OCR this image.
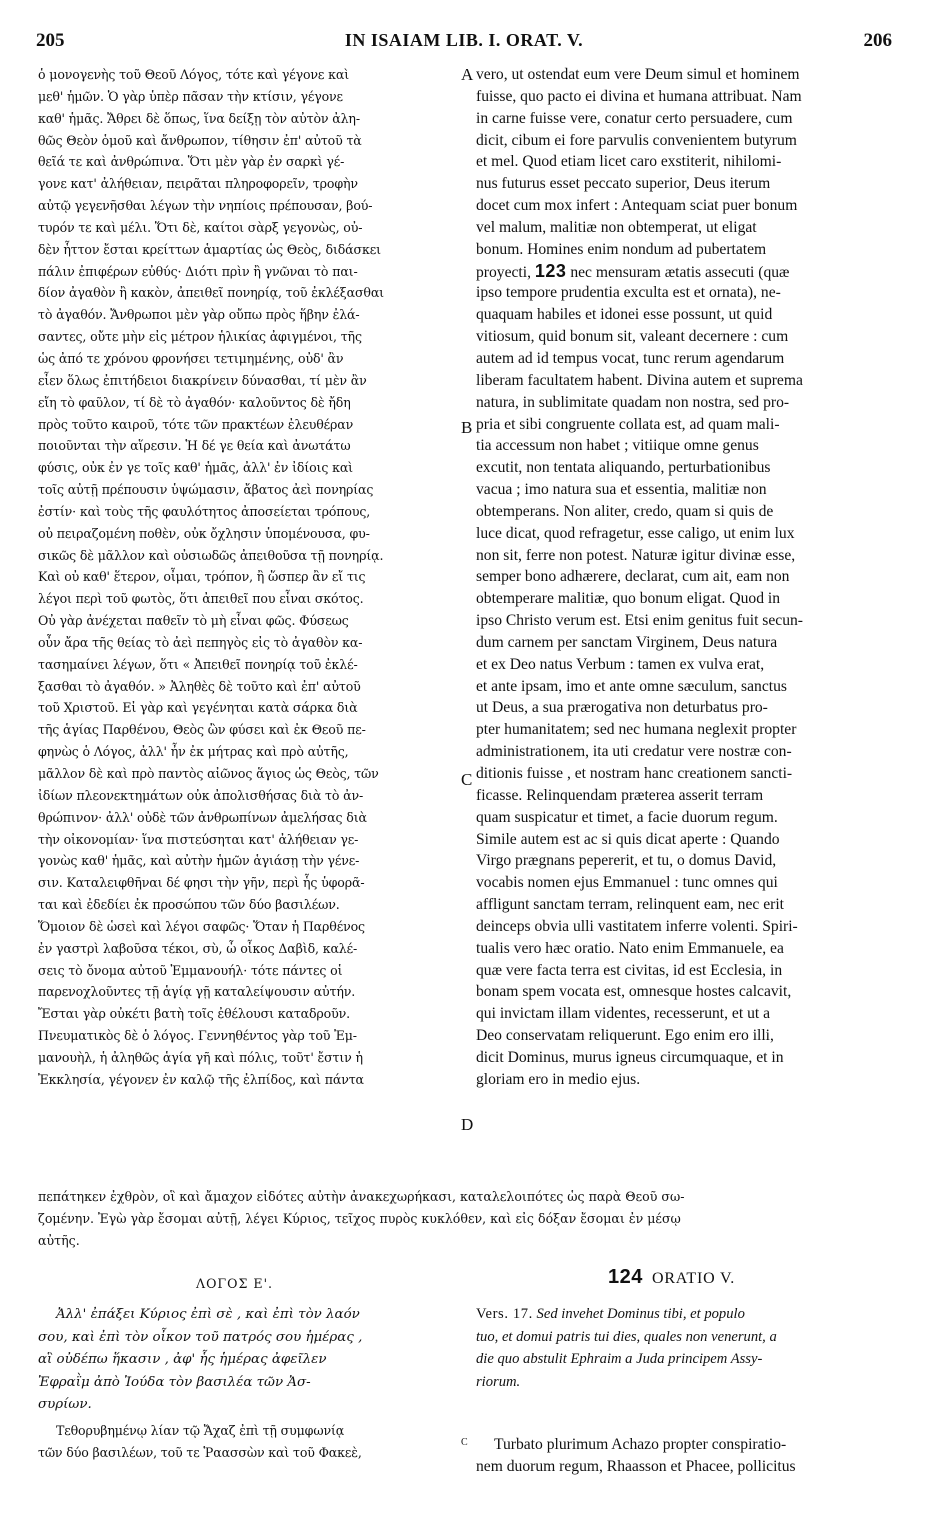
205	IN ISAIAM LIB. I. ORAT. V.	206
A
B
C
D
ὁ μονογενὴς τοῦ Θεοῦ Λόγος, τότε καὶ γέγονε καὶ
μεθ' ἡμῶν. Ὁ γὰρ ὑπὲρ πᾶσαν τὴν κτίσιν, γέγονε
καθ' ἡμᾶς. Ἄθρει δὲ ὅπως, ἵνα δείξῃ τὸν αὐτὸν ἀλη-
θῶς Θεὸν ὁμοῦ καὶ ἄνθρωπον, τίθησιν ἐπ' αὐτοῦ τὰ
θεῖά τε καὶ ἀνθρώπινα. Ὅτι μὲν γὰρ ἐν σαρκὶ γέ-
γονε κατ' ἀλήθειαν, πειρᾶται πληροφορεῖν, τροφὴν
αὐτῷ γεγενῆσθαι λέγων τὴν νηπίοις πρέπουσαν, βού-
τυρόν τε καὶ μέλι. Ὅτι δὲ, καίτοι σὰρξ γεγονὼς, οὐ-
δὲν ἧττον ἔσται κρείττων ἁμαρτίας ὡς Θεὸς, διδάσκει
πάλιν ἐπιφέρων εὐθύς· Διότι πρὶν ἢ γνῶναι τὸ παι-
δίον ἀγαθὸν ἢ κακὸν, ἀπειθεῖ πονηρίᾳ, τοῦ ἐκλέξασθαι
τὸ ἀγαθόν. Ἄνθρωποι μὲν γὰρ οὔπω πρὸς ἥβην ἐλά-
σαντες, οὔτε μὴν εἰς μέτρον ἡλικίας ἀφιγμένοι, τῆς
ὡς ἀπό τε χρόνου φρονήσει τετιμημένης, οὐδ' ἂν
εἶεν ὅλως ἐπιτήδειοι διακρίνειν δύνασθαι, τί μὲν ἂν
εἴη τὸ φαῦλον, τί δὲ τὸ ἀγαθόν· καλοῦντος δὲ ἤδη
πρὸς τοῦτο καιροῦ, τότε τῶν πρακτέων ἐλευθέραν
ποιοῦνται τὴν αἵρεσιν. Ἡ δέ γε θεία καὶ ἀνωτάτω
φύσις, οὐκ ἐν γε τοῖς καθ' ἡμᾶς, ἀλλ' ἐν ἰδίοις καὶ
τοῖς αὐτῇ πρέπουσιν ὑψώμασιν, ἄβατος ἀεὶ πονηρίας
ἐστίν· καὶ τοὺς τῆς φαυλότητος ἀποσείεται τρόπους,
οὐ πειραζομένη ποθὲν, οὐκ ὄχλησιν ὑπομένουσα, φυ-
σικῶς δὲ μᾶλλον καὶ οὐσιωδῶς ἀπειθοῦσα τῇ πονηρίᾳ.
Καὶ οὐ καθ' ἕτερον, οἶμαι, τρόπον, ἢ ὥσπερ ἂν εἴ τις
λέγοι περὶ τοῦ φωτὸς, ὅτι ἀπειθεῖ που εἶναι σκότος.
Οὐ γὰρ ἀνέχεται παθεῖν τὸ μὴ εἶναι φῶς. Φύσεως
οὖν ἄρα τῆς θείας τὸ ἀεὶ πεπηγὸς εἰς τὸ ἀγαθὸν κα-
τασημαίνει λέγων, ὅτι « Ἀπειθεῖ πονηρίᾳ τοῦ ἐκλέ-
ξασθαι τὸ ἀγαθόν. » Ἀληθὲς δὲ τοῦτο καὶ ἐπ' αὐτοῦ
τοῦ Χριστοῦ. Εἰ γὰρ καὶ γεγένηται κατὰ σάρκα διὰ
τῆς ἁγίας Παρθένου, Θεὸς ὢν φύσει καὶ ἐκ Θεοῦ πε-
φηνὼς ὁ Λόγος, ἀλλ' ἦν ἐκ μήτρας καὶ πρὸ αὐτῆς,
μᾶλλον δὲ καὶ πρὸ παντὸς αἰῶνος ἅγιος ὡς Θεὸς, τῶν
ἰδίων πλεονεκτημάτων οὐκ ἀπολισθήσας διὰ τὸ ἀν-
θρώπινον· ἀλλ' οὐδὲ τῶν ἀνθρωπίνων ἀμελήσας διὰ
τὴν οἰκονομίαν· ἵνα πιστεύσηται κατ' ἀλήθειαν γε-
γονὼς καθ' ἡμᾶς, καὶ αὐτὴν ἡμῶν ἁγιάσῃ τὴν γένε-
σιν. Καταλειφθῆναι δέ φησι τὴν γῆν, περὶ ἧς ὑφορᾶ-
ται καὶ ἐδεδίει ἐκ προσώπου τῶν δύο βασιλέων.
Ὅμοιον δὲ ὡσεὶ καὶ λέγοι σαφῶς· Ὅταν ἡ Παρθένος
ἐν γαστρὶ λαβοῦσα τέκοι, σὺ, ὦ οἶκος Δαβὶδ, καλέ-
σεις τὸ ὄνομα αὐτοῦ Ἐμμανουήλ· τότε πάντες οἱ
παρενοχλοῦντες τῇ ἁγίᾳ γῇ καταλείψουσιν αὐτήν.
Ἔσται γὰρ οὐκέτι βατὴ τοῖς ἐθέλουσι καταδροῦν.
Πνευματικὸς δὲ ὁ λόγος. Γεννηθέντος γὰρ τοῦ Ἐμ-
μανουὴλ, ἡ ἀληθῶς ἁγία γῆ καὶ πόλις, τοῦτ' ἔστιν ἡ
Ἐκκλησία, γέγονεν ἐν καλῷ τῆς ἐλπίδος, καὶ πάντα
vero, ut ostendat eum vere Deum simul et hominem
fuisse, quo pacto ei divina et humana attribuat. Nam
in carne fuisse vere, conatur certo persuadere, cum
dicit, cibum ei fore parvulis convenientem butyrum
et mel. Quod etiam licet caro exstiterit, nihilomi-
nus futurus esset peccato superior, Deus iterum
docet cum mox infert : Antequam sciat puer bonum
vel malum, malitiæ non obtemperat, ut eligat
bonum. Homines enim nondum ad pubertatem
proyecti, 123 nec mensuram ætatis assecuti (quæ
ipso tempore prudentia exculta est et ornata), ne-
quaquam habiles et idonei esse possunt, ut quid
vitiosum, quid bonum sit, valeant decernere : cum
autem ad id tempus vocat, tunc rerum agendarum
liberam facultatem habent. Divina autem et suprema
natura, in sublimitate quadam non nostra, sed pro-
pria et sibi congruente collata est, ad quam mali-
tia accessum non habet ; vitiique omne genus
excutit, non tentata aliquando, perturbationibus
vacua ; imo natura sua et essentia, malitiæ non
obtemperans. Non aliter, credo, quam si quis de
luce dicat, quod refragetur, esse caligo, ut enim lux
non sit, ferre non potest. Naturæ igitur divinæ esse,
semper bono adhærere, declarat, cum ait, eam non
obtemperare malitiæ, quo bonum eligat. Quod in
ipso Christo verum est. Etsi enim genitus fuit secun-
dum carnem per sanctam Virginem, Deus natura
et ex Deo natus Verbum : tamen ex vulva erat,
et ante ipsam, imo et ante omne sæculum, sanctus
ut Deus, a sua prærogativa non deturbatus pro-
pter humanitatem; sed nec humana neglexit propter
administrationem, ita uti credatur vere nostræ con-
ditionis fuisse , et nostram hanc creationem sancti-
ficasse. Relinquendam præterea asserit terram
quam suspicatur et timet, a facie duorum regum.
Simile autem est ac si quis dicat aperte : Quando
Virgo prægnans pepererit, et tu, o domus David,
vocabis nomen ejus Emmanuel : tunc omnes qui
affligunt sanctam terram, relinquent eam, nec erit
deinceps obvia ulli vastitatem inferre volenti. Spiri-
tualis vero hæc oratio. Nato enim Emmanuele, ea
quæ vere facta terra est civitas, id est Ecclesia, in
bonam spem vocata est, omnesque hostes calcavit,
qui invictam illam videntes, recesserunt, et ut a
Deo conservatam reliquerunt. Ego enim ero illi,
dicit Dominus, murus igneus circumquaque, et in
gloriam ero in medio ejus.
πεπάτηκεν ἐχθρὸν, οἳ καὶ ἄμαχον εἰδότες αὐτὴν ἀνακεχωρήκασι, καταλελοιπότες ὡς παρὰ Θεοῦ σω-
ζομένην. Ἐγὼ γὰρ ἔσομαι αὐτῇ, λέγει Κύριος, τεῖχος πυρὸς κυκλόθεν, καὶ εἰς δόξαν ἔσομαι ἐν μέσῳ
αὐτῆς.
ΛΟΓΟΣ Ε'.	124 ORATIO V.
Ἀλλ' ἐπάξει Κύριος ἐπὶ σὲ , καὶ ἐπὶ τὸν λαόν
σου, καὶ ἐπὶ τὸν οἶκον τοῦ πατρός σου ἡμέρας ,
αἳ οὐδέπω ἥκασιν , ἀφ' ἧς ἡμέρας ἀφεῖλεν
Ἐφραῒμ ἀπὸ Ἰούδα τὸν βασιλέα τῶν Ἀσ-
συρίων.
Vers. 17. Sed invehet Dominus tibi, et populo
tuo, et domui patris tui dies, quales non venerunt, a
die quo abstulit Ephraim a Juda principem Assy-
riorum.
C
Τεθορυβημένῳ λίαν τῷ Ἄχαζ ἐπὶ τῇ συμφωνίᾳ
τῶν δύο βασιλέων, τοῦ τε Ῥαασσὼν καὶ τοῦ Φακεὲ,	Turbato plurimum Achazo propter conspiratio-
nem duorum regum, Rhaasson et Phacee, pollicitus
